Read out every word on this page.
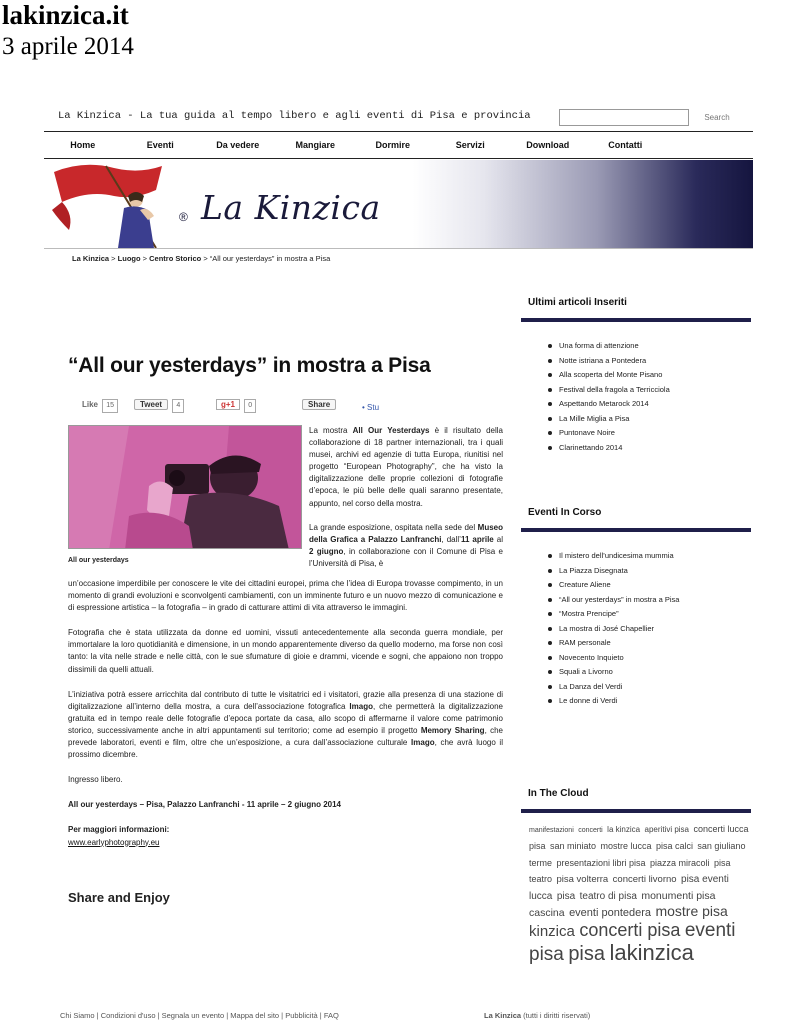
lakinzica.it
3 aprile 2014
La Kinzica - La tua guida al tempo libero e agli eventi di Pisa e provincia	Search
Home	Eventi	Da vedere	Mangiare	Dormire	Servizi	Download	Contatti
® La Kinzica
La Kinzica > Luogo > Centro Storico > “All our yesterdays” in mostra a Pisa
“All our yesterdays” in mostra a Pisa
Like 15	Tweet 4	g+1 0	Share	• Stu
All our yesterdays

La mostra All Our Yesterdays è il risultato della collaborazione di 18 partner internazionali, tra i quali musei, archivi ed agenzie di tutta Europa, riunitisi nel progetto “European Photography”, che ha visto la digitalizzazione delle proprie collezioni di fotografie d’epoca, le più belle delle quali saranno presentate, appunto, nel corso della mostra.

La grande esposizione, ospitata nella sede del Museo della Grafica a Palazzo Lanfranchi, dall’11 aprile al 2 giugno, in collaborazione con il Comune di Pisa e l’Università di Pisa, è

un’occasione imperdibile per conoscere le vite dei cittadini europei, prima che l’idea di Europa trovasse compimento, in un momento di grandi evoluzioni e sconvolgenti cambiamenti, con un imminente futuro e un nuovo mezzo di comunicazione e di espressione artistica – la fotografia – in grado di catturare attimi di vita attraverso le immagini.

Fotografia che è stata utilizzata da donne ed uomini, vissuti antecedentemente alla seconda guerra mondiale, per immortalare la loro quotidianità e dimensione, in un mondo apparentemente diverso da quello moderno, ma forse non così tanto: la vita nelle strade e nelle città, con le sue sfumature di gioie e drammi, vicende e sogni, che appaiono non troppo dissimili da quelli attuali.

L’iniziativa potrà essere arricchita dal contributo di tutte le visitatrici ed i visitatori, grazie alla presenza di una stazione di digitalizzazione all’interno della mostra, a cura dell’associazione fotografica Imago, che permetterà la digitalizzazione gratuita ed in tempo reale delle fotografie d’epoca portate da casa, allo scopo di affermarne il valore come patrimonio storico, successivamente anche in altri appuntamenti sul territorio; come ad esempio il progetto Memory Sharing, che prevede laboratori, eventi e film, oltre che un’esposizione, a cura dall’associazione culturale Imago, che avrà luogo il prossimo dicembre.

Ingresso libero.

All our yesterdays – Pisa, Palazzo Lanfranchi - 11 aprile – 2 giugno 2014

Per maggiori informazioni:
www.earlyphotography.eu

Share and Enjoy
Ultimi articoli Inseriti
Una forma di attenzione
Notte istriana a Pontedera
Alla scoperta del Monte Pisano
Festival della fragola a Terricciola
Aspettando Metarock 2014
La Mille Miglia a Pisa
Puntonave Noire
Clarinettando 2014
Eventi In Corso
Il mistero dell’undicesima mummia
La Piazza Disegnata
Creature Aliene
“All our yesterdays” in mostra a Pisa
“Mostra Prencipe”
La mostra di José Chapellier
RAM personale
Novecento Inquieto
Squali a Livorno
La Danza del Verdi
Le donne di Verdi
In The Cloud
manifestazioni concerti la kinzica aperitivi pisa concerti lucca pisa san miniato mostre lucca pisa calci san giuliano terme presentazioni libri pisa piazza miracoli pisa teatro pisa volterra concerti livorno pisa eventi lucca pisa teatro di pisa monumenti pisa cascina eventi pontedera mostre pisa kinzica concerti pisa eventi pisa pisa lakinzica
Chi Siamo | Condizioni d'uso | Segnala un evento | Mappa del sito | Pubblicità | FAQ	La Kinzica (tutti i diritti riservati)
